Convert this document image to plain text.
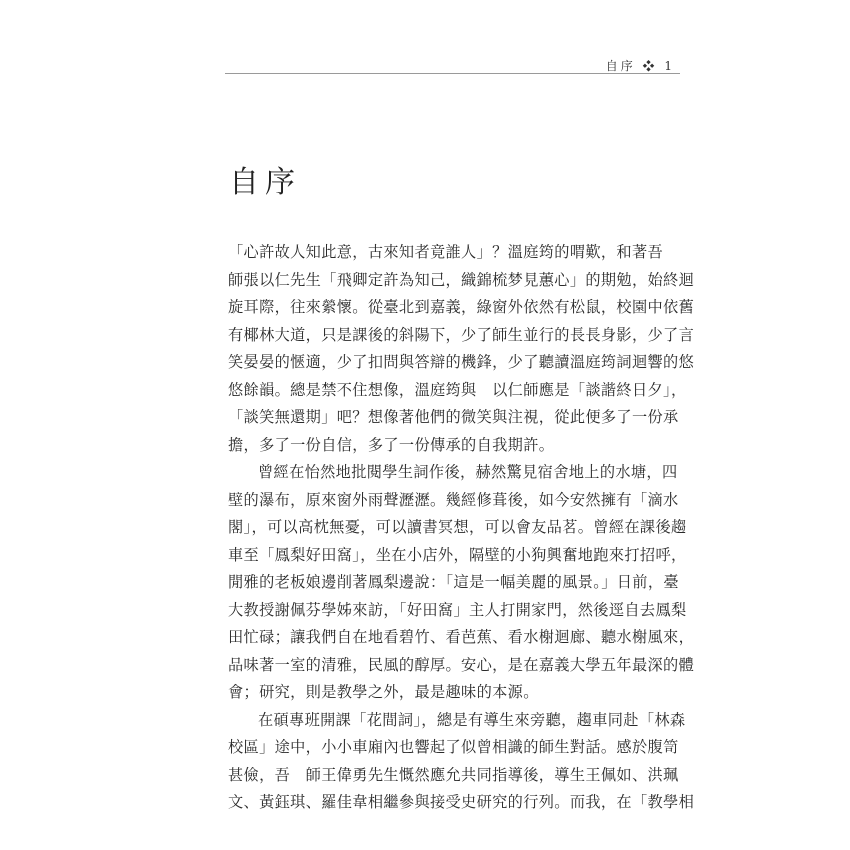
自序 ❖ 1
自序
「心許故人知此意，古來知者竟誰人」？溫庭筠的喟歎，和著吾
師張以仁先生「飛卿定許為知己，織錦梳梦見蕙心」的期勉，始終迴
旋耳際，往來縈懷。從臺北到嘉義，綠窗外依然有松鼠，校園中依舊
有椰林大道，只是課後的斜陽下，少了師生並行的長長身影，少了言
笑晏晏的愜適，少了扣問與答辯的機鋒，少了聽讀溫庭筠詞迴響的悠
悠餘韻。總是禁不住想像，溫庭筠與　以仁師應是「談諧終日夕」，
「談笑無還期」吧？想像著他們的微笑與注視，從此便多了一份承
擔，多了一份自信，多了一份傳承的自我期許。
曾經在怡然地批閱學生詞作後，赫然驚見宿舍地上的水塘，四
壁的瀑布，原來窗外雨聲瀝瀝。幾經修葺後，如今安然擁有「滴水
閣」，可以高枕無憂，可以讀書冥想，可以會友品茗。曾經在課後趨
車至「鳳梨好田窩」，坐在小店外，隔壁的小狗興奮地跑來打招呼，
閒雅的老板娘邊削著鳳梨邊說：「這是一幅美麗的風景。」日前，臺
大教授謝佩芬學姊來訪，「好田窩」主人打開家門，然後逕自去鳳梨
田忙碌；讓我們自在地看碧竹、看芭蕉、看水榭迴廊、聽水榭風來，
品味著一室的清雅，民風的醇厚。安心，是在嘉義大學五年最深的體
會；研究，則是教學之外，最是趣味的本源。
在碩專班開課「花間詞」，總是有導生來旁聽，趨車同赴「林森
校區」途中，小小車廂內也響起了似曾相識的師生對話。感於腹笥
甚儉，吾　師王偉勇先生慨然應允共同指導後，導生王佩如、洪珮
文、黃鈺琪、羅佳韋相繼參與接受史研究的行列。而我，在「教學相
